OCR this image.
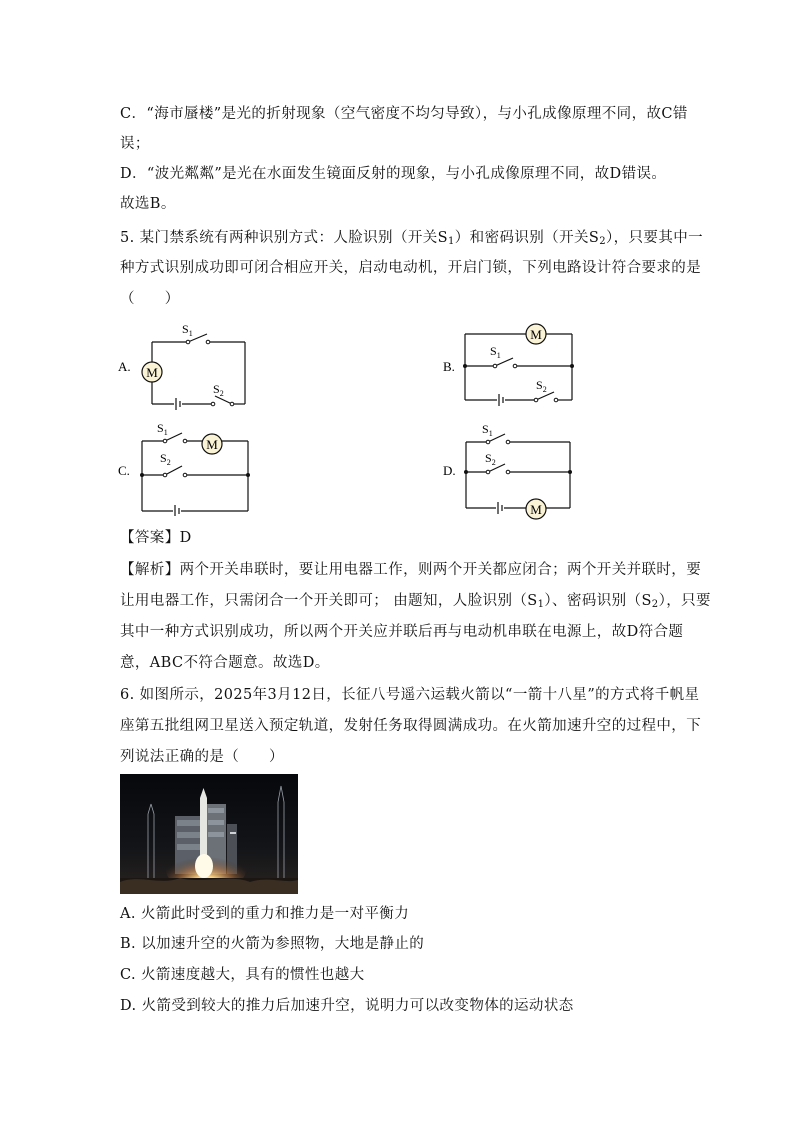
C．“海市蜃楼”是光的折射现象（空气密度不均匀导致），与小孔成像原理不同，故C错
误；
D．“波光粼粼”是光在水面发生镜面反射的现象，与小孔成像原理不同，故D错误。
故选B。
5. 某门禁系统有两种识别方式：人脸识别（开关$S_1$）和密码识别（开关$S_2$），只要其中一
种方式识别成功即可闭合相应开关，启动电动机，开启门锁，下列电路设计符合要求的是
（　　）
A. M
$S_1$
$S_2$
B.
M
$S_1$
$S_2$
C.
M
$S_1$
$S_2$
D.
M
$S_1$
$S_2$
【答案】D
【解析】两个开关串联时，要让用电器工作，则两个开关都应闭合；两个开关并联时，要
让用电器工作，只需闭合一个开关即可； 由题知，人脸识别$(S_1)$、密码识别$(S_2)$，只要
其中一种方式识别成功，所以两个开关应并联后再与电动机串联在电源上，故D符合题
意，ABC不符合题意。故选D。
6. 如图所示，2025年3月12日，长征八号遥六运载火箭以“一箭十八星”的方式将千帆星
座第五批组网卫星送入预定轨道，发射任务取得圆满成功。在火箭加速升空的过程中，下
列说法正确的是（　　）
A. 火箭此时受到的重力和推力是一对平衡力
B. 以加速升空的火箭为参照物，大地是静止的
C. 火箭速度越大，具有的惯性也越大
D. 火箭受到较大的推力后加速升空，说明力可以改变物体的运动状态
